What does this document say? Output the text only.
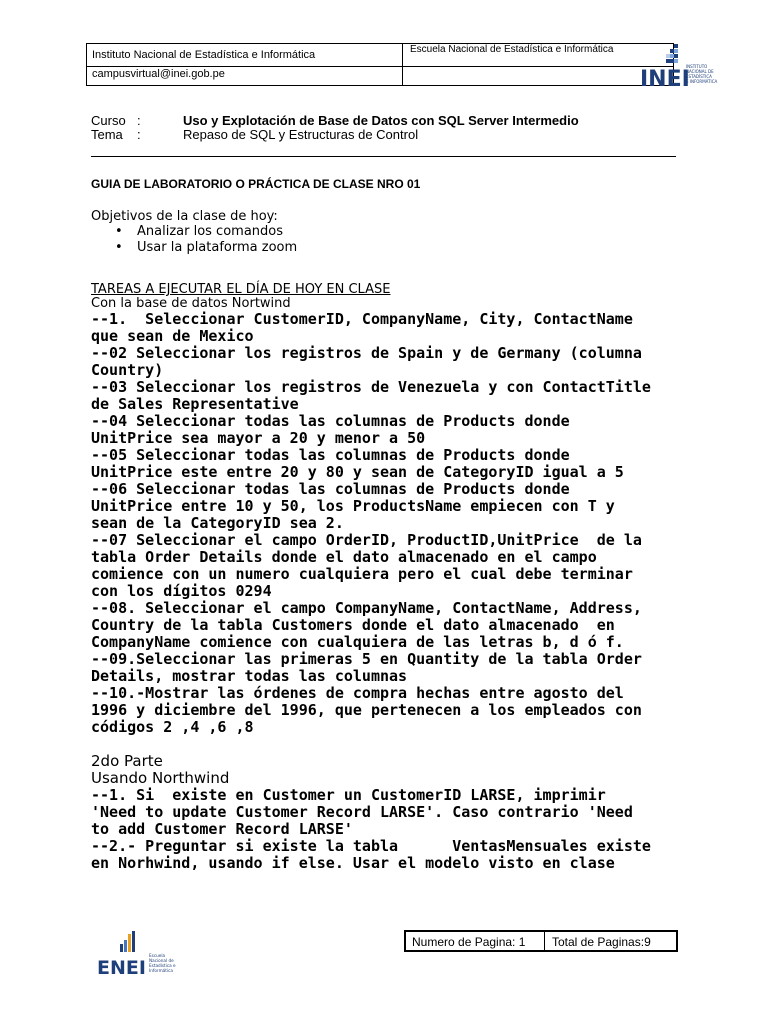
Instituto Nacional de Estadística e Informática	Escuela Nacional de Estadística e Informática
campusvirtual@inei.gob.pe	INEI
INSTITUTO
NACIONAL DE
ESTADÍSTICA
E INFORMÁTICA
Curso :	Uso y Explotación de Base de Datos con SQL Server Intermedio
Tema :	Repaso de SQL y Estructuras de Control
GUIA DE LABORATORIO O PRÁCTICA DE CLASE NRO 01
Objetivos de la clase de hoy:
• Analizar los comandos
• Usar la plataforma zoom
TAREAS A EJECUTAR EL DÍA DE HOY EN CLASE
Con la base de datos Nortwind
--1.  Seleccionar CustomerID, CompanyName, City, ContactName
que sean de Mexico
--02 Seleccionar los registros de Spain y de Germany (columna
Country)
--03 Seleccionar los registros de Venezuela y con ContactTitle
de Sales Representative
--04 Seleccionar todas las columnas de Products donde
UnitPrice sea mayor a 20 y menor a 50
--05 Seleccionar todas las columnas de Products donde
UnitPrice este entre 20 y 80 y sean de CategoryID igual a 5
--06 Seleccionar todas las columnas de Products donde
UnitPrice entre 10 y 50, los ProductsName empiecen con T y
sean de la CategoryID sea 2.
--07 Seleccionar el campo OrderID, ProductID,UnitPrice  de la
tabla Order Details donde el dato almacenado en el campo
comience con un numero cualquiera pero el cual debe terminar
con los dígitos 0294
--08. Seleccionar el campo CompanyName, ContactName, Address,
Country de la tabla Customers donde el dato almacenado  en
CompanyName comience con cualquiera de las letras b, d ó f.
--09.Seleccionar las primeras 5 en Quantity de la tabla Order
Details, mostrar todas las columnas
--10.-Mostrar las órdenes de compra hechas entre agosto del
1996 y diciembre del 1996, que pertenecen a los empleados con
códigos 2 ,4 ,6 ,8
2do Parte
Usando Northwind
--1. Si  existe en Customer un CustomerID LARSE, imprimir
'Need to update Customer Record LARSE'. Caso contrario 'Need
to add Customer Record LARSE'
--2.- Preguntar si existe la tabla      VentasMensuales existe
en Norhwind, usando if else. Usar el modelo visto en clase
ENEI
Escuela
Nacional de
Estadística e
Informática
Numero de Pagina: 1 Total de Paginas:9
